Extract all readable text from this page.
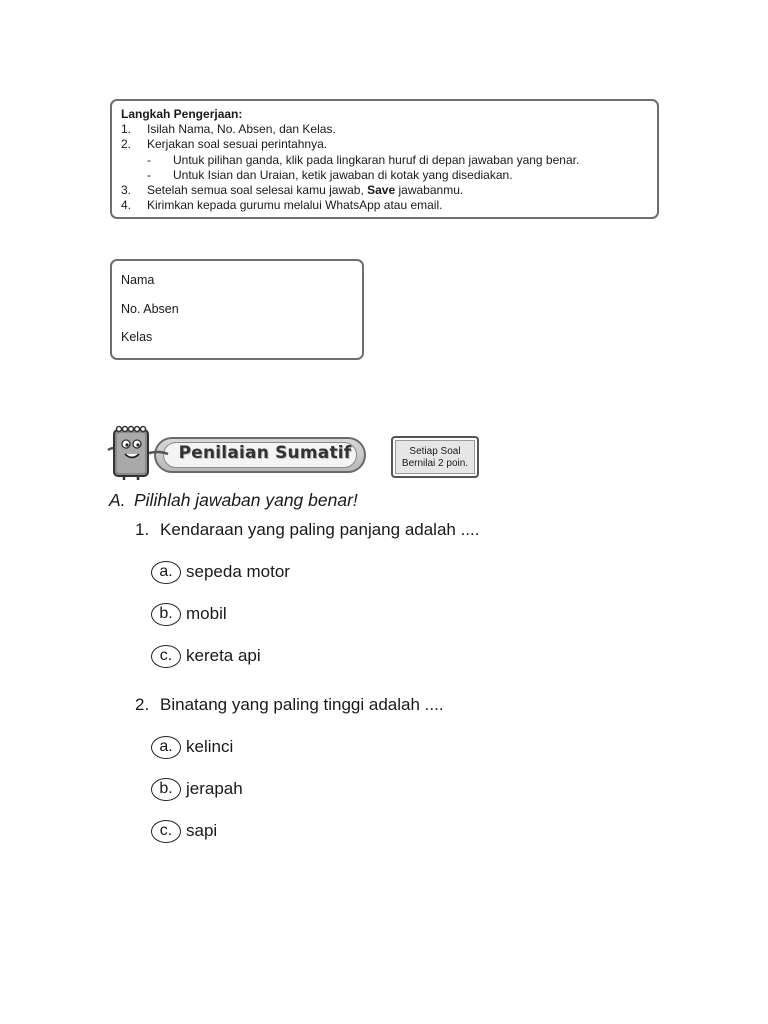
Langkah Pengerjaan:
1.	Isilah Nama, No. Absen, dan Kelas.
2.	Kerjakan soal sesuai perintahnya.
-	Untuk pilihan ganda, klik pada lingkaran huruf di depan jawaban yang benar.
-	Untuk Isian dan Uraian, ketik jawaban di kotak yang disediakan.
3.	Setelah semua soal selesai kamu jawab, Save jawabanmu.
4.	Kirimkan kepada gurumu melalui WhatsApp atau email.
Nama
No. Absen
Kelas
Penilaian Sumatif	Setiap Soal
Bernilai 2 poin.
A. Pilihlah jawaban yang benar!
1. Kendaraan yang paling panjang adalah ....
a. sepeda motor
b. mobil
c. kereta api
2. Binatang yang paling tinggi adalah ....
a. kelinci
b. jerapah
c. sapi
